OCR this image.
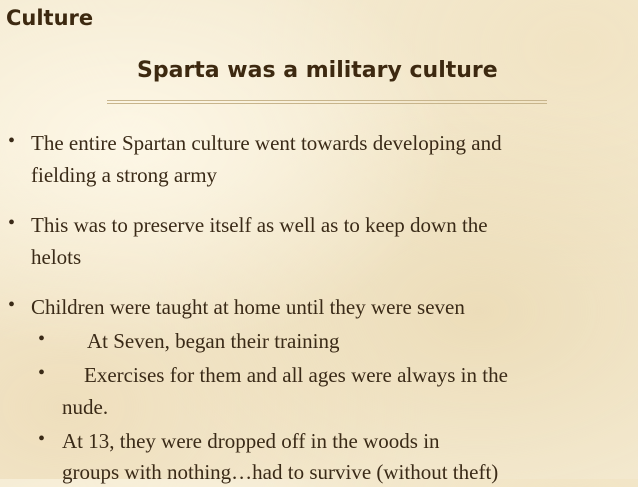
Culture
Sparta was a military culture
• The entire Spartan culture went towards developing and
fielding a strong army
• This was to preserve itself as well as to keep down the
helots
• Children were taught at home until they were seven
• At Seven, began their training
• Exercises for them and all ages were always in the
nude.
• At 13, they were dropped off in the woods in
groups with nothing…had to survive (without theft)
